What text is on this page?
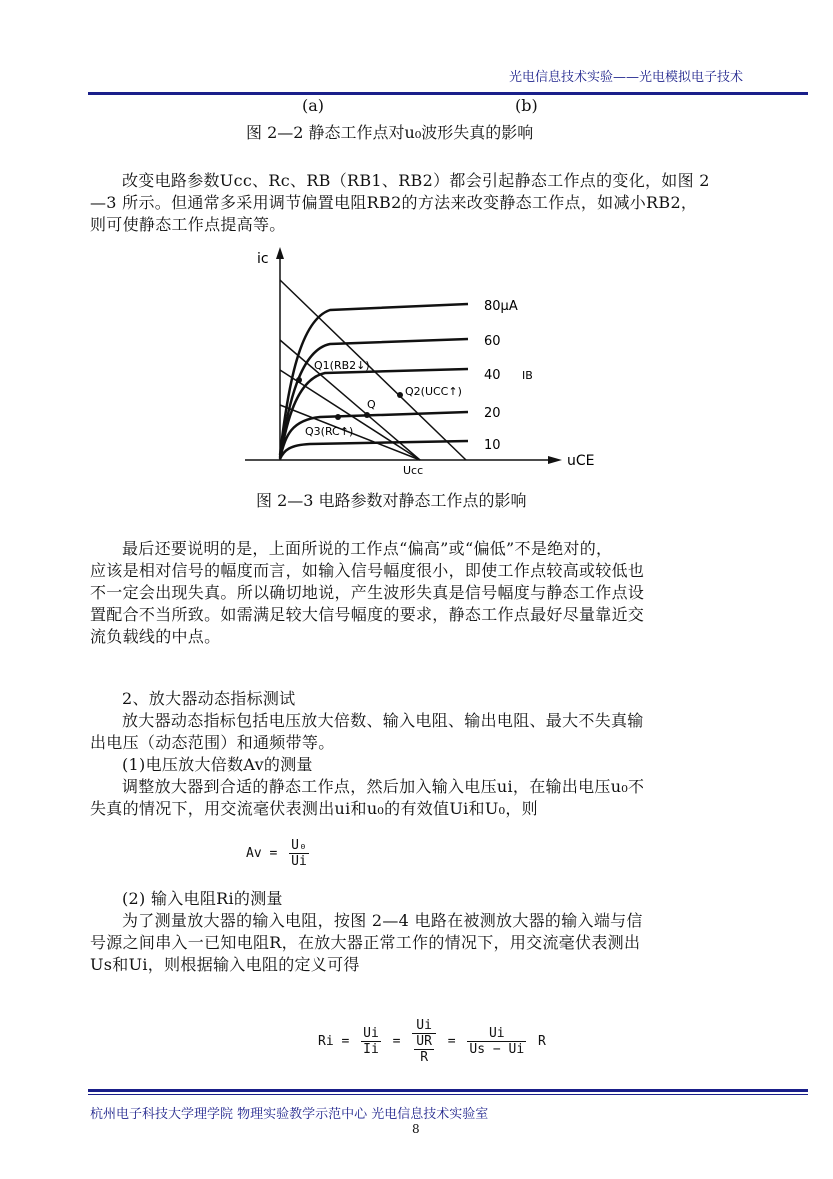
光电信息技术实验——光电模拟电子技术
(a)	(b)
图 2—2 静态工作点对u₀波形失真的影响
改变电路参数Ucc、Rc、RB（RB1、RB2）都会引起静态工作点的变化，如图 2
—3 所示。但通常多采用调节偏置电阻RB2的方法来改变静态工作点，如减小RB2，
则可使静态工作点提高等。
ic
uCE
80μA
60
40 IB
20
10
Q1(RB2↓)
Q2(UCC↑)
Q
Q3(RC↑)
Ucc
图 2—3 电路参数对静态工作点的影响
最后还要说明的是，上面所说的工作点“偏高”或“偏低”不是绝对的，
应该是相对信号的幅度而言，如输入信号幅度很小，即使工作点较高或较低也
不一定会出现失真。所以确切地说，产生波形失真是信号幅度与静态工作点设
置配合不当所致。如需满足较大信号幅度的要求，静态工作点最好尽量靠近交
流负载线的中点。
2、放大器动态指标测试
放大器动态指标包括电压放大倍数、输入电阻、输出电阻、最大不失真输
出电压（动态范围）和通频带等。
(1)电压放大倍数Av的测量
调整放大器到合适的静态工作点，然后加入输入电压ui，在输出电压u₀不
失真的情况下，用交流毫伏表测出ui和u₀的有效值Ui和U₀，则
$Av = \frac{\text{U₀}}{Ui}$
(2) 输入电阻Ri的测量
为了测量放大器的输入电阻，按图 2—4 电路在被测放大器的输入端与信
号源之间串入一已知电阻R，在放大器正常工作的情况下，用交流毫伏表测出
Us和Ui，则根据输入电阻的定义可得
$Ri = \frac{Ui}{Ii} = Ui$
UR
$R = \frac{Ui}{Us - Ui}$ R
杭州电子科技大学理学院 物理实验教学示范中心 光电信息技术实验室
8
